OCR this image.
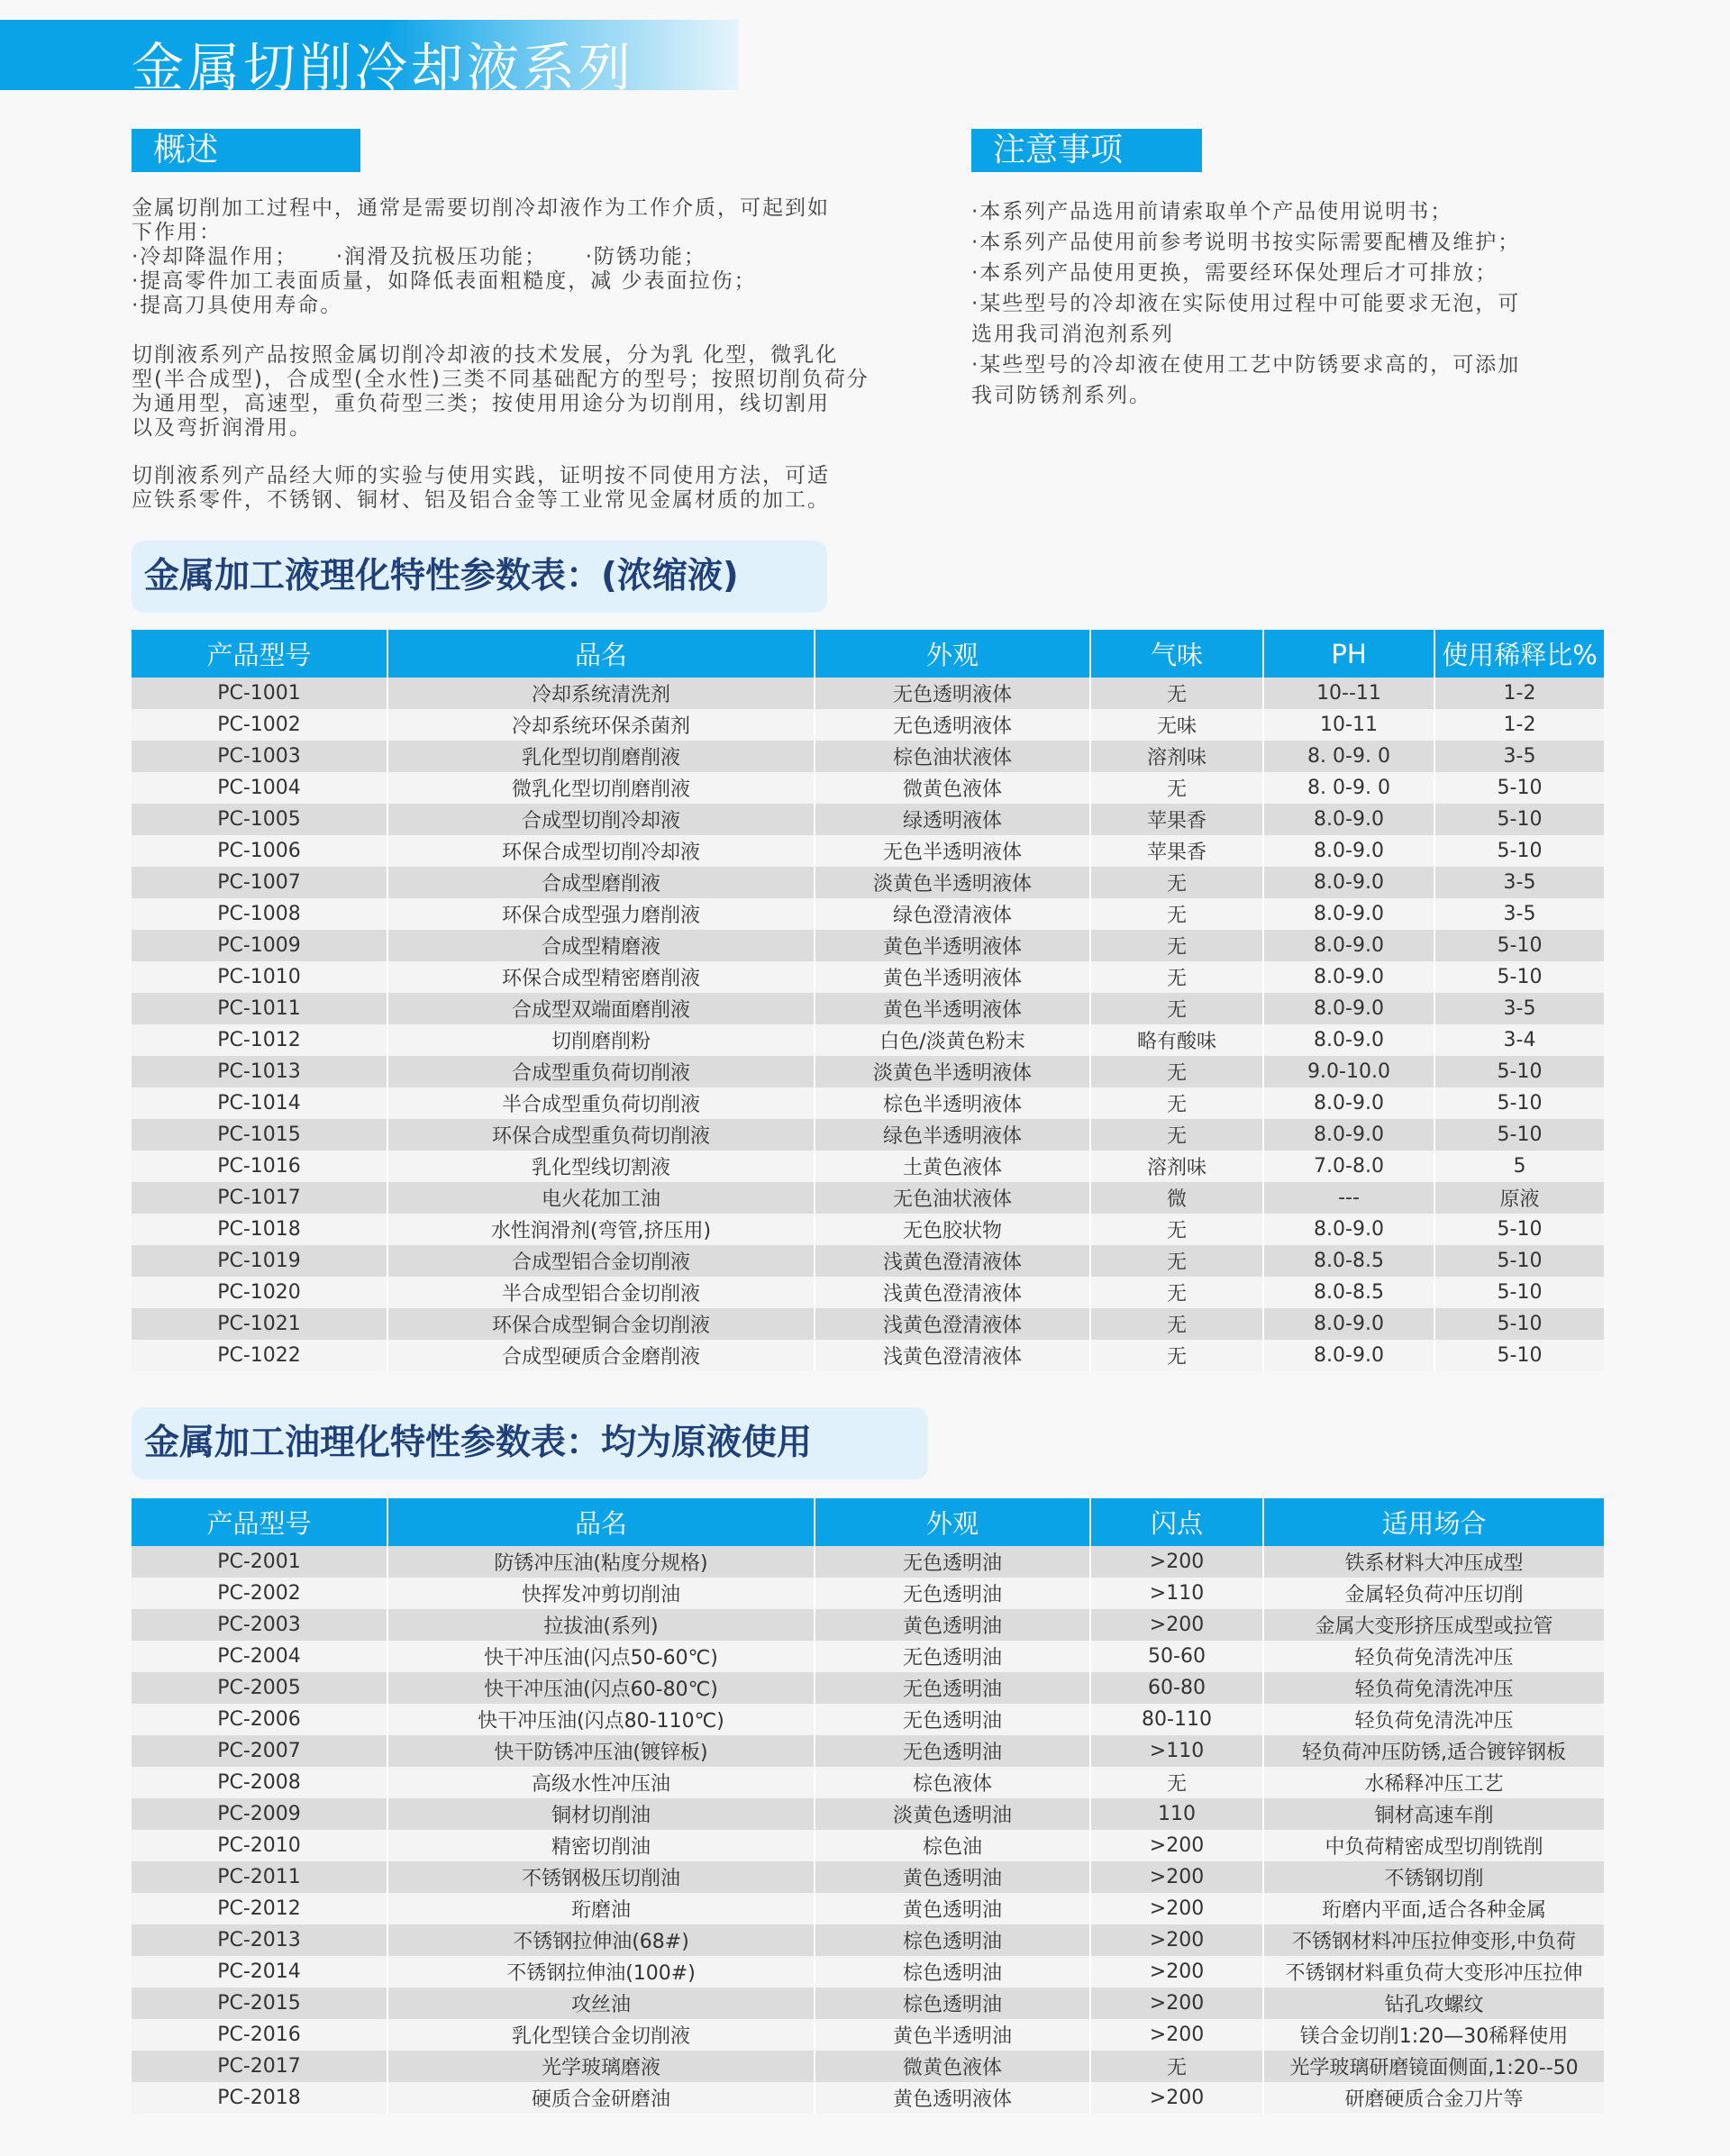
金属切削冷却液系列
概述

金属切削加工过程中，通常是需要切削冷却液作为工作介质，可起到如

下作用：

·冷却降温作用； ·润滑及抗极压功能； ·防锈功能；

·提高零件加工表面质量，如降低表面粗糙度，减 少表面拉伤；

·提高刀具使用寿命。

切削液系列产品按照金属切削冷却液的技术发展，分为乳 化型，微乳化

型(半合成型)，合成型(全水性)三类不同基础配方的型号；按照切削负荷分

为通用型，高速型，重负荷型三类；按使用用途分为切削用，线切割用

以及弯折润滑用。

切削液系列产品经大师的实验与使用实践，证明按不同使用方法，可适

应铁系零件，不锈钢、铜材、铝及铝合金等工业常见金属材质的加工。

注意事项

·本系列产品选用前请索取单个产品使用说明书；

·本系列产品使用前参考说明书按实际需要配槽及维护；

·本系列产品使用更换，需要经环保处理后才可排放；

·某些型号的冷却液在实际使用过程中可能要求无泡，可

选用我司消泡剂系列

·某些型号的冷却液在使用工艺中防锈要求高的，可添加

我司防锈剂系列。

金属加工液理化特性参数表：(浓缩液)
产品型号	品名	外观	气味	PH	使用稀释比%
PC-1001	冷却系统清洗剂	无色透明液体	无	10--11	1-2
PC-1002	冷却系统环保杀菌剂	无色透明液体	无味	10-11	1-2
PC-1003	乳化型切削磨削液	棕色油状液体	溶剂味	8. 0-9. 0	3-5
PC-1004	微乳化型切削磨削液	微黄色液体	无	8. 0-9. 0	5-10
PC-1005	合成型切削冷却液	绿透明液体	苹果香	8.0-9.0	5-10
PC-1006	环保合成型切削冷却液	无色半透明液体	苹果香	8.0-9.0	5-10
PC-1007	合成型磨削液	淡黄色半透明液体	无	8.0-9.0	3-5
PC-1008	环保合成型强力磨削液	绿色澄清液体	无	8.0-9.0	3-5
PC-1009	合成型精磨液	黄色半透明液体	无	8.0-9.0	5-10
PC-1010	环保合成型精密磨削液	黄色半透明液体	无	8.0-9.0	5-10
PC-1011	合成型双端面磨削液	黄色半透明液体	无	8.0-9.0	3-5
PC-1012	切削磨削粉	白色/淡黄色粉末	略有酸味	8.0-9.0	3-4
PC-1013	合成型重负荷切削液	淡黄色半透明液体	无	9.0-10.0	5-10
PC-1014	半合成型重负荷切削液	棕色半透明液体	无	8.0-9.0	5-10
PC-1015	环保合成型重负荷切削液	绿色半透明液体	无	8.0-9.0	5-10
PC-1016	乳化型线切割液	土黄色液体	溶剂味	7.0-8.0	5
PC-1017	电火花加工油	无色油状液体	微	---	原液
PC-1018	水性润滑剂(弯管,挤压用)	无色胶状物	无	8.0-9.0	5-10
PC-1019	合成型铝合金切削液	浅黄色澄清液体	无	8.0-8.5	5-10
PC-1020	半合成型铝合金切削液	浅黄色澄清液体	无	8.0-8.5	5-10
PC-1021	环保合成型铜合金切削液	浅黄色澄清液体	无	8.0-9.0	5-10
PC-1022	合成型硬质合金磨削液	浅黄色澄清液体	无	8.0-9.0	5-10
金属加工油理化特性参数表：均为原液使用
产品型号	品名	外观	闪点	适用场合
PC-2001	防锈冲压油(粘度分规格)	无色透明油	>200	铁系材料大冲压成型
PC-2002	快挥发冲剪切削油	无色透明油	>110	金属轻负荷冲压切削
PC-2003	拉拔油(系列)	黄色透明油	>200	金属大变形挤压成型或拉管
PC-2004	快干冲压油(闪点50-60℃)	无色透明油	50-60	轻负荷免清洗冲压
PC-2005	快干冲压油(闪点60-80℃)	无色透明油	60-80	轻负荷免清洗冲压
PC-2006	快干冲压油(闪点80-110℃)	无色透明油	80-110	轻负荷免清洗冲压
PC-2007	快干防锈冲压油(镀锌板)	无色透明油	>110	轻负荷冲压防锈,适合镀锌钢板
PC-2008	高级水性冲压油	棕色液体	无	水稀释冲压工艺
PC-2009	铜材切削油	淡黄色透明油	110	铜材高速车削
PC-2010	精密切削油	棕色油	>200	中负荷精密成型切削铣削
PC-2011	不锈钢极压切削油	黄色透明油	>200	不锈钢切削
PC-2012	珩磨油	黄色透明油	>200	珩磨内平面,适合各种金属
PC-2013	不锈钢拉伸油(68#)	棕色透明油	>200	不锈钢材料冲压拉伸变形,中负荷
PC-2014	不锈钢拉伸油(100#)	棕色透明油	>200	不锈钢材料重负荷大变形冲压拉伸
PC-2015	攻丝油	棕色透明油	>200	钻孔攻螺纹
PC-2016	乳化型镁合金切削液	黄色半透明油	>200	镁合金切削1:20—30稀释使用
PC-2017	光学玻璃磨液	微黄色液体	无	光学玻璃研磨镜面侧面,1:20--50
PC-2018	硬质合金研磨油	黄色透明液体	>200	研磨硬质合金刀片等
